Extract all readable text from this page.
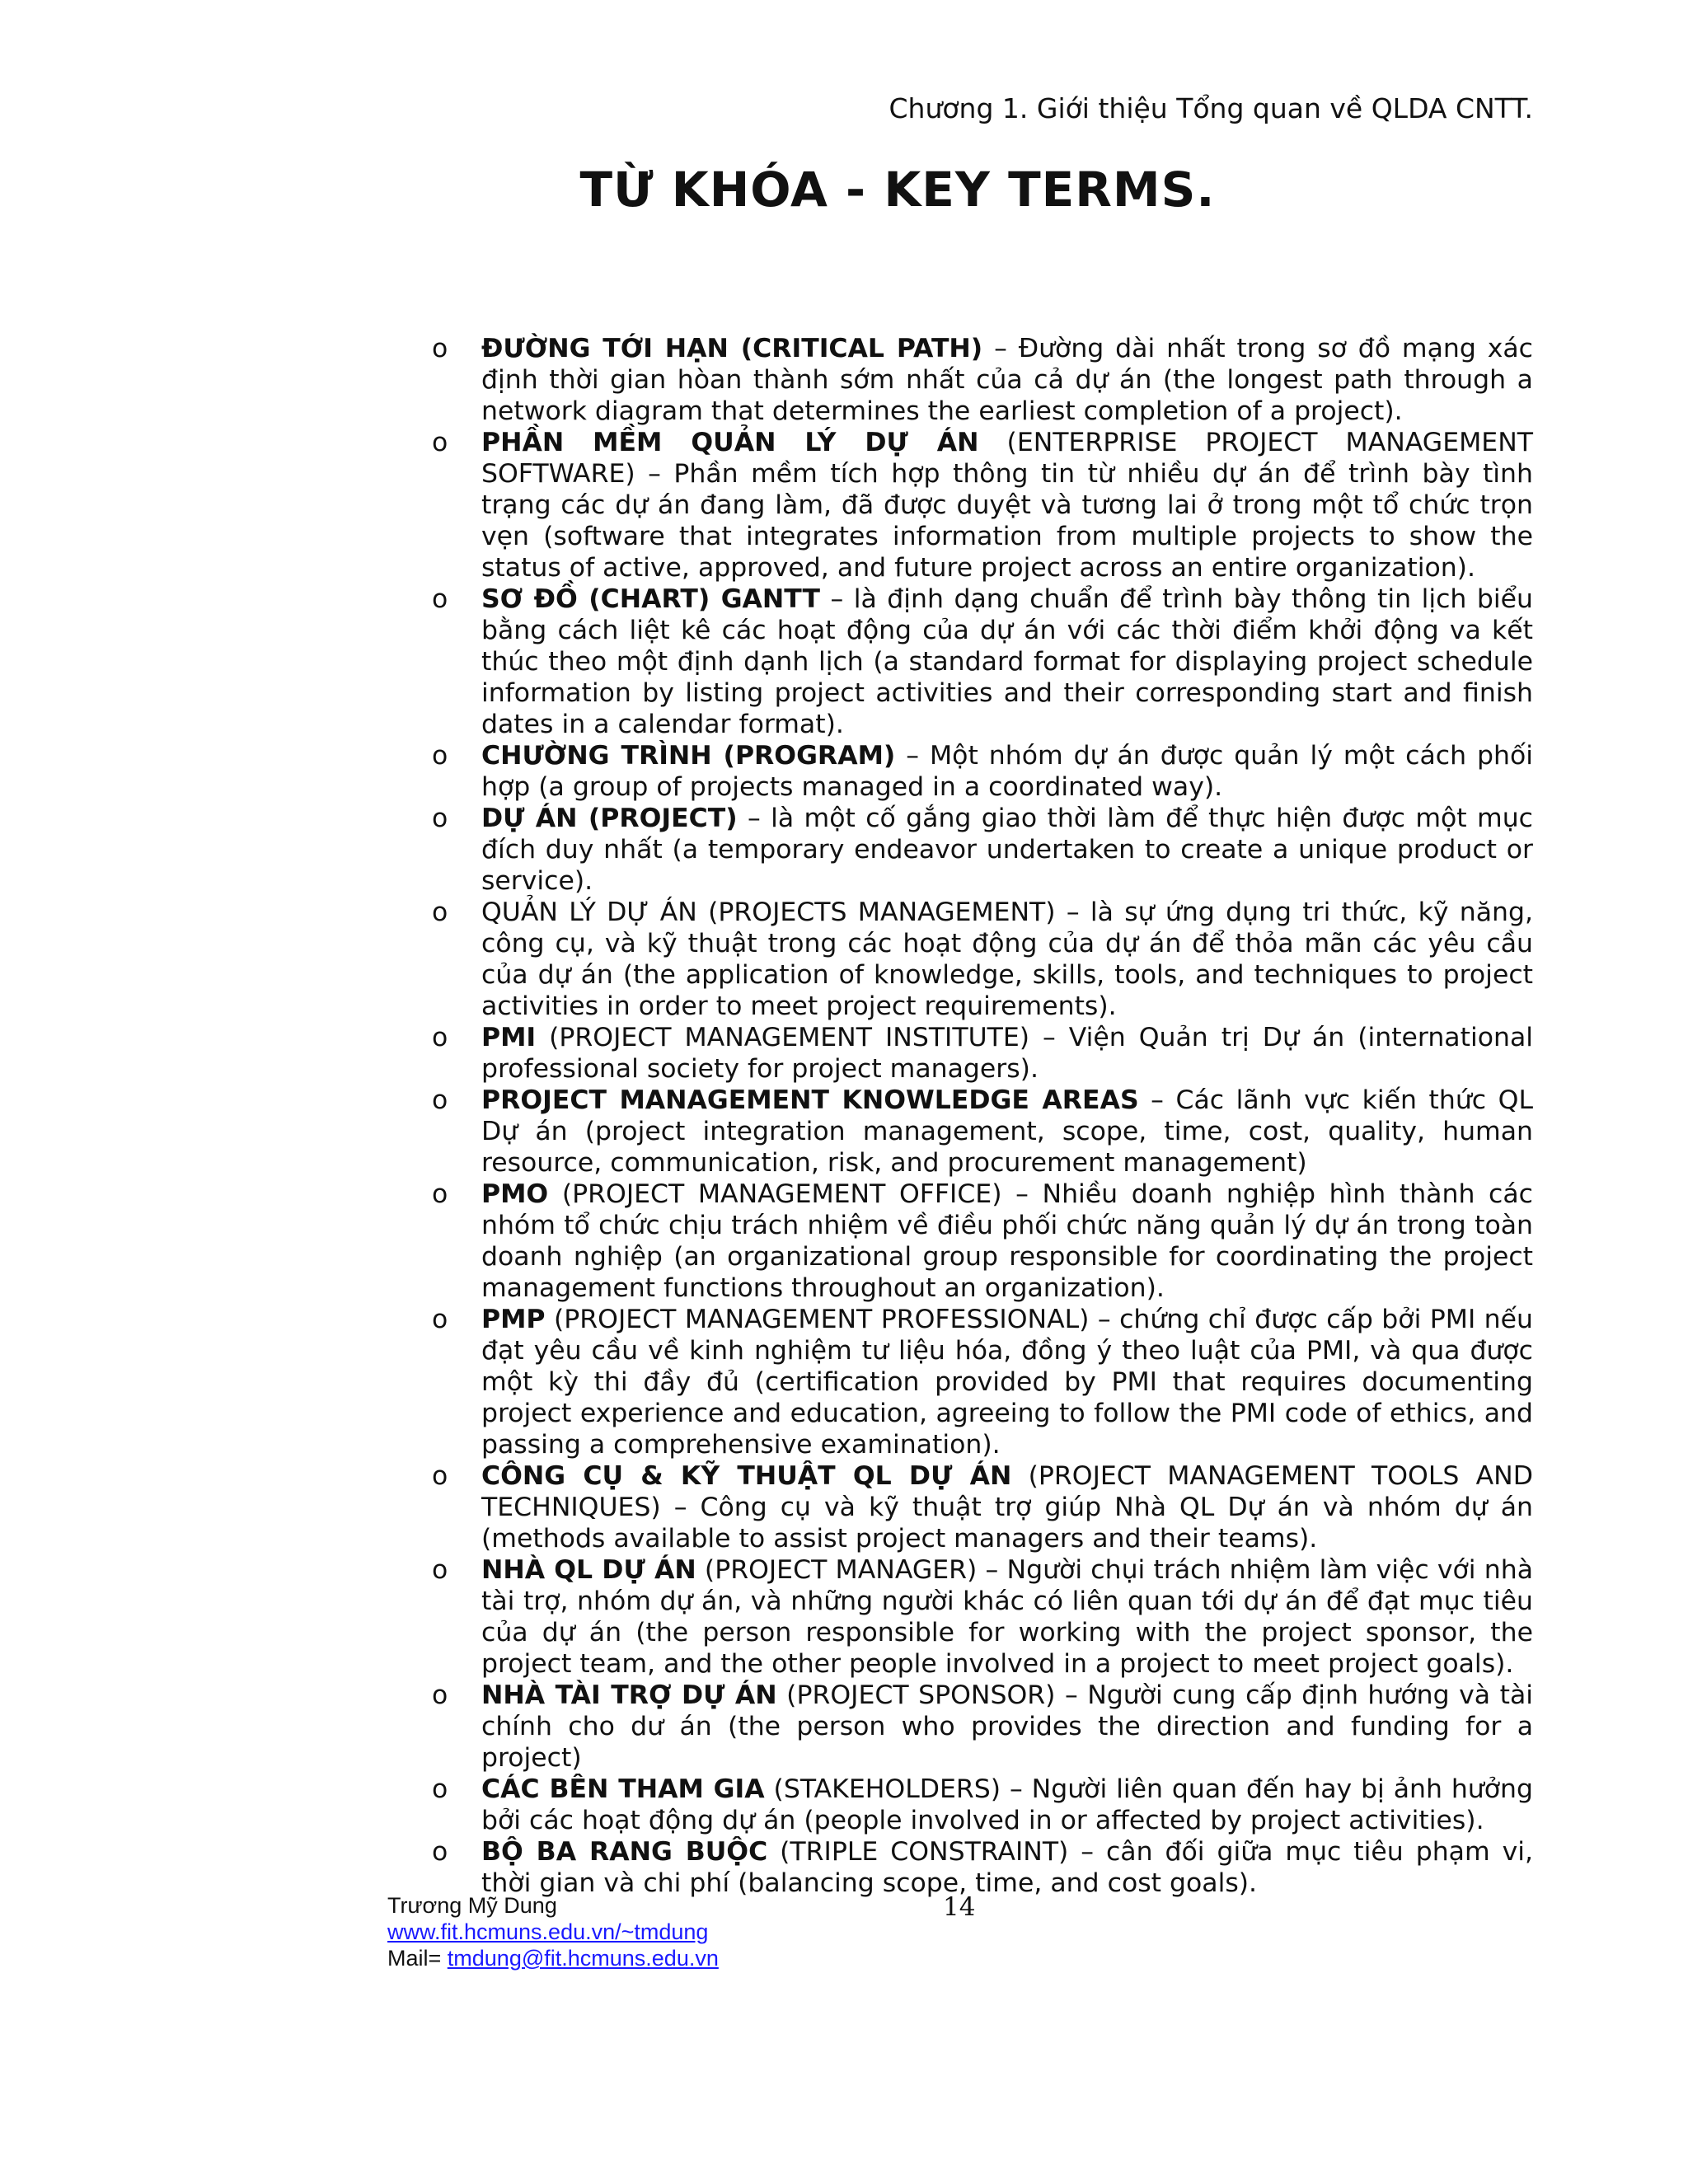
Chương 1. Giới thiệu Tổng quan về QLDA CNTT.
TỪ KHÓA - KEY TERMS.
o ĐƯỜNG TỚI HẠN (CRITICAL PATH) – Đường dài nhất trong sơ đồ mạng xác định thời gian hòan thành sớm nhất của cả dự án (the longest path through a network diagram that determines the earliest completion of a project).
o PHẦN MỀM QUẢN LÝ DỰ ÁN (ENTERPRISE PROJECT MANAGEMENT SOFTWARE) – Phần mềm tích hợp thông tin từ nhiều dự án để trình bày tình trạng các dự án đang làm, đã được duyệt và tương lai ở trong một tổ chức trọn vẹn (software that integrates information from multiple projects to show the status of active, approved, and future project across an entire organization).
o SƠ ĐỒ (CHART) GANTT – là định dạng chuẩn để trình bày thông tin lịch biểu bằng cách liệt kê các hoạt động của dự án với các thời điểm khởi động va kết thúc theo một định dạnh lịch (a standard format for displaying project schedule information by listing project activities and their corresponding start and finish dates in a calendar format).
o CHƯỜNG TRÌNH (PROGRAM) – Một nhóm dự án được quản lý một cách phối hợp (a group of projects managed in a coordinated way).
o DỰ ÁN (PROJECT) – là một cố gắng giao thời làm để thực hiện được một mục đích duy nhất (a temporary endeavor undertaken to create a unique product or service).
o QUẢN LÝ DỰ ÁN (PROJECTS MANAGEMENT) – là sự ứng dụng tri thức, kỹ năng, công cụ, và kỹ thuật trong các hoạt động của dự án để thỏa mãn các yêu cầu của dự án (the application of knowledge, skills, tools, and techniques to project activities in order to meet project requirements).
o PMI (PROJECT MANAGEMENT INSTITUTE) – Viện Quản trị Dự án (international professional society for project managers).
o PROJECT MANAGEMENT KNOWLEDGE AREAS – Các lãnh vực kiến thức QL Dự án (project integration management, scope, time, cost, quality, human resource, communication, risk, and procurement management)
o PMO (PROJECT MANAGEMENT OFFICE) – Nhiều doanh nghiệp hình thành các nhóm tổ chức chịu trách nhiệm về điều phối chức năng quản lý dự án trong toàn doanh nghiệp (an organizational group responsible for coordinating the project management functions throughout an organization).
o PMP (PROJECT MANAGEMENT PROFESSIONAL) – chứng chỉ được cấp bởi PMI nếu đạt yêu cầu về kinh nghiệm tư liệu hóa, đồng ý theo luật của PMI, và qua được một kỳ thi đầy đủ (certification provided by PMI that requires documenting project experience and education, agreeing to follow the PMI code of ethics, and passing a comprehensive examination).
o CÔNG CỤ & KỸ THUẬT QL DỰ ÁN (PROJECT MANAGEMENT TOOLS AND TECHNIQUES) – Công cụ và kỹ thuật trợ giúp Nhà QL Dự án và nhóm dự án (methods available to assist project managers and their teams).
o NHÀ QL DỰ ÁN (PROJECT MANAGER) – Người chụi trách nhiệm làm việc với nhà tài trợ, nhóm dự án, và những người khác có liên quan tới dự án để đạt mục tiêu của dự án (the person responsible for working with the project sponsor, the project team, and the other people involved in a project to meet project goals).
o NHÀ TÀI TRỢ DỰ ÁN (PROJECT SPONSOR) – Người cung cấp định hướng và tài chính cho dư án (the person who provides the direction and funding for a project)
o CÁC BÊN THAM GIA (STAKEHOLDERS) – Người liên quan đến hay bị ảnh hưởng bởi các hoạt động dự án (people involved in or affected by project activities).
o BỘ BA RANG BUỘC (TRIPLE CONSTRAINT) – cân đối giữa mục tiêu phạm vi, thời gian và chi phí (balancing scope, time, and cost goals).
14
Trương Mỹ Dung
www.fit.hcmuns.edu.vn/~tmdung
Mail= tmdung@fit.hcmuns.edu.vn
